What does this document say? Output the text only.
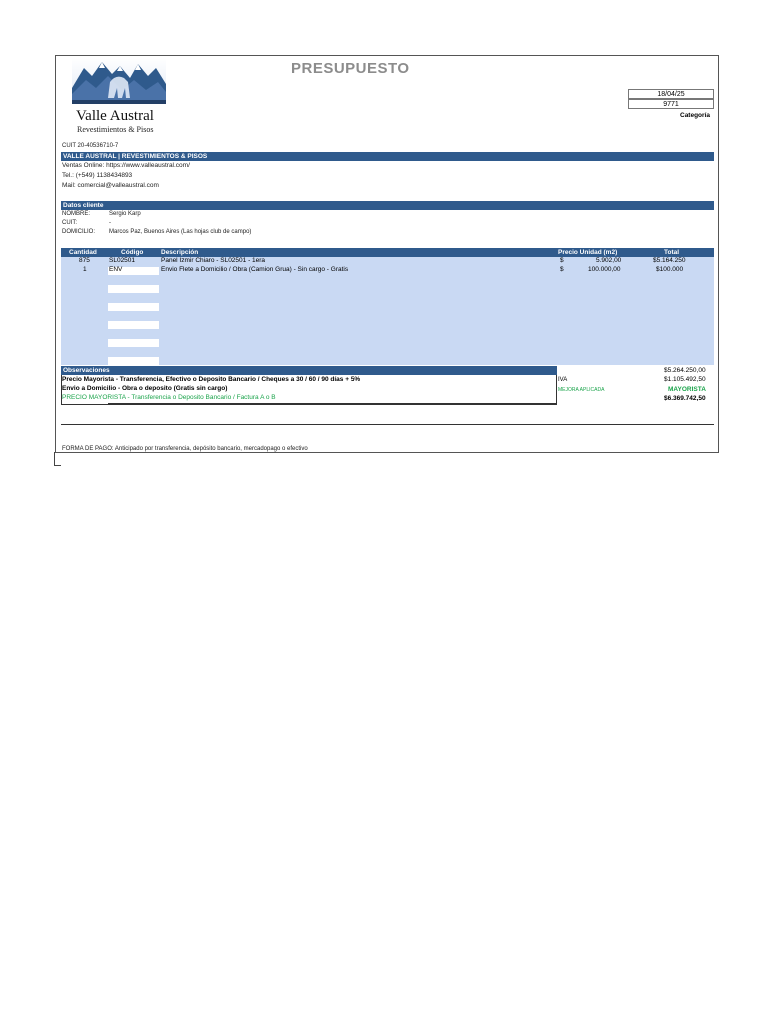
PRESUPUESTO
Valle Austral
Revestimientos & Pisos
18/04/25
9771
Categoría
CUIT 20-40536710-7
VALLE AUSTRAL | REVESTIMIENTOS & PISOS
Ventas Online: https://www.valleaustral.com/
Tel.: (+549) 1138434893
Mail: comercial@valleaustral.com
Datos cliente
NOMBRE:	Sergio Karp
CUIT:	-
DOMICILIO: Marcos Paz, Buenos Aires (Las hojas club de campo)
Cantidad	Código	Descripción	Precio Unidad (m2)	Total
875	SL02501	Panel Izmir Chiaro - SL02501 - 1era	$	5.902,00	$5.164.250
1	ENV	Envio Flete a Domicilio / Obra (Camion Grua) - Sin cargo - Gratis	$	100.000,00	$100.000
Observaciones
Precio Mayorista - Transferencia, Efectivo o Deposito Bancario / Cheques a 30 / 60 / 90 días + 5%
Envio a Domicilio - Obra o deposito (Gratis sin cargo)
PRECIO MAYORISTA - Transferencia o Deposito Bancario / Factura A o B
$5.264.250,00
IVA	$1.105.492,50
MEJORA APLICADA	MAYORISTA
$6.369.742,50
FORMA DE PAGO: Anticipado por transferencia, depósito bancario, mercadopago o efectivo
